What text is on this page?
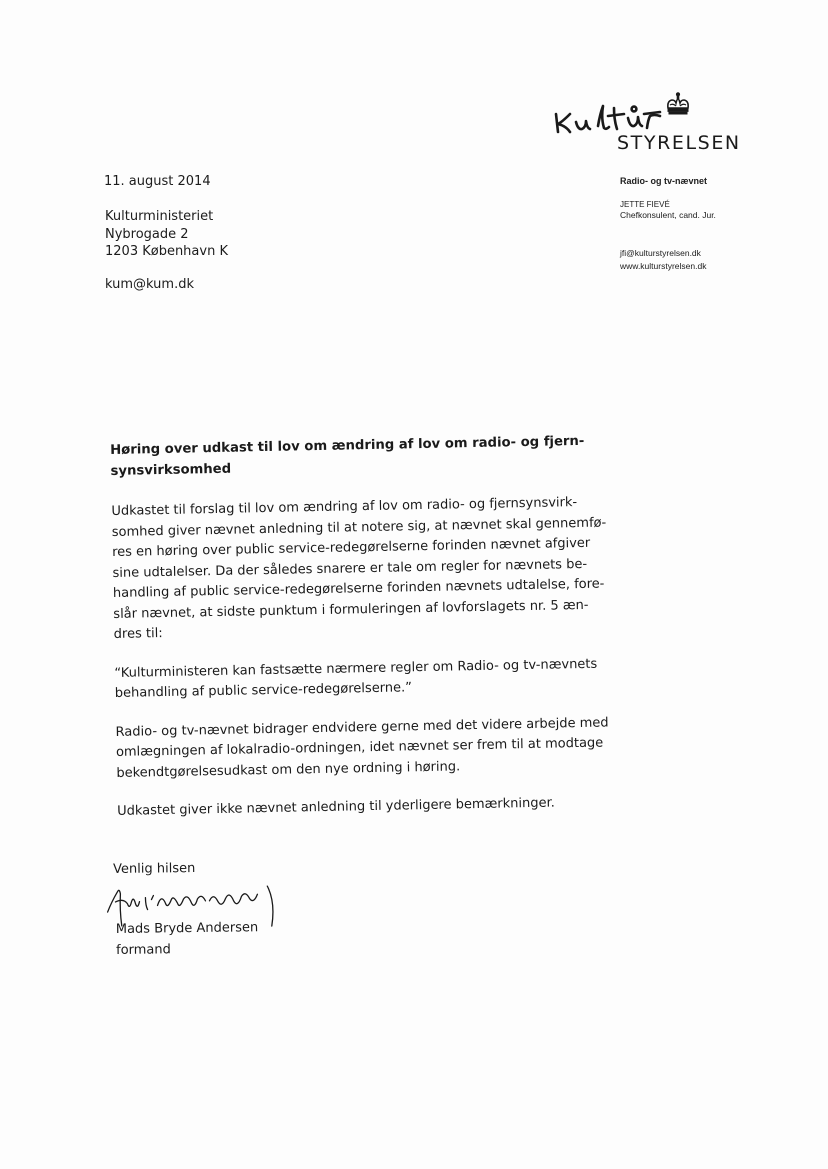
STYRELSEN
Radio- og tv-nævnet
JETTE FIEVÉ
Chefkonsulent, cand. Jur.
jfi@kulturstyrelsen.dk
www.kulturstyrelsen.dk
11. august 2014
Kulturministeriet
Nybrogade 2
1203 København K
kum@kum.dk
Høring over udkast til lov om ændring af lov om radio- og fjern-
synsvirksomhed
Udkastet til forslag til lov om ændring af lov om radio- og fjernsynsvirk-
somhed giver nævnet anledning til at notere sig, at nævnet skal gennemfø-
res en høring over public service-redegørelserne forinden nævnet afgiver
sine udtalelser. Da der således snarere er tale om regler for nævnets be-
handling af public service-redegørelserne forinden nævnets udtalelse, fore-
slår nævnet, at sidste punktum i formuleringen af lovforslagets nr. 5 æn-
dres til:
“Kulturministeren kan fastsætte nærmere regler om Radio- og tv-nævnets
behandling af public service-redegørelserne.”
Radio- og tv-nævnet bidrager endvidere gerne med det videre arbejde med
omlægningen af lokalradio-ordningen, idet nævnet ser frem til at modtage
bekendtgørelsesudkast om den nye ordning i høring.
Udkastet giver ikke nævnet anledning til yderligere bemærkninger.
Venlig hilsen
Mads Bryde Andersen
formand
